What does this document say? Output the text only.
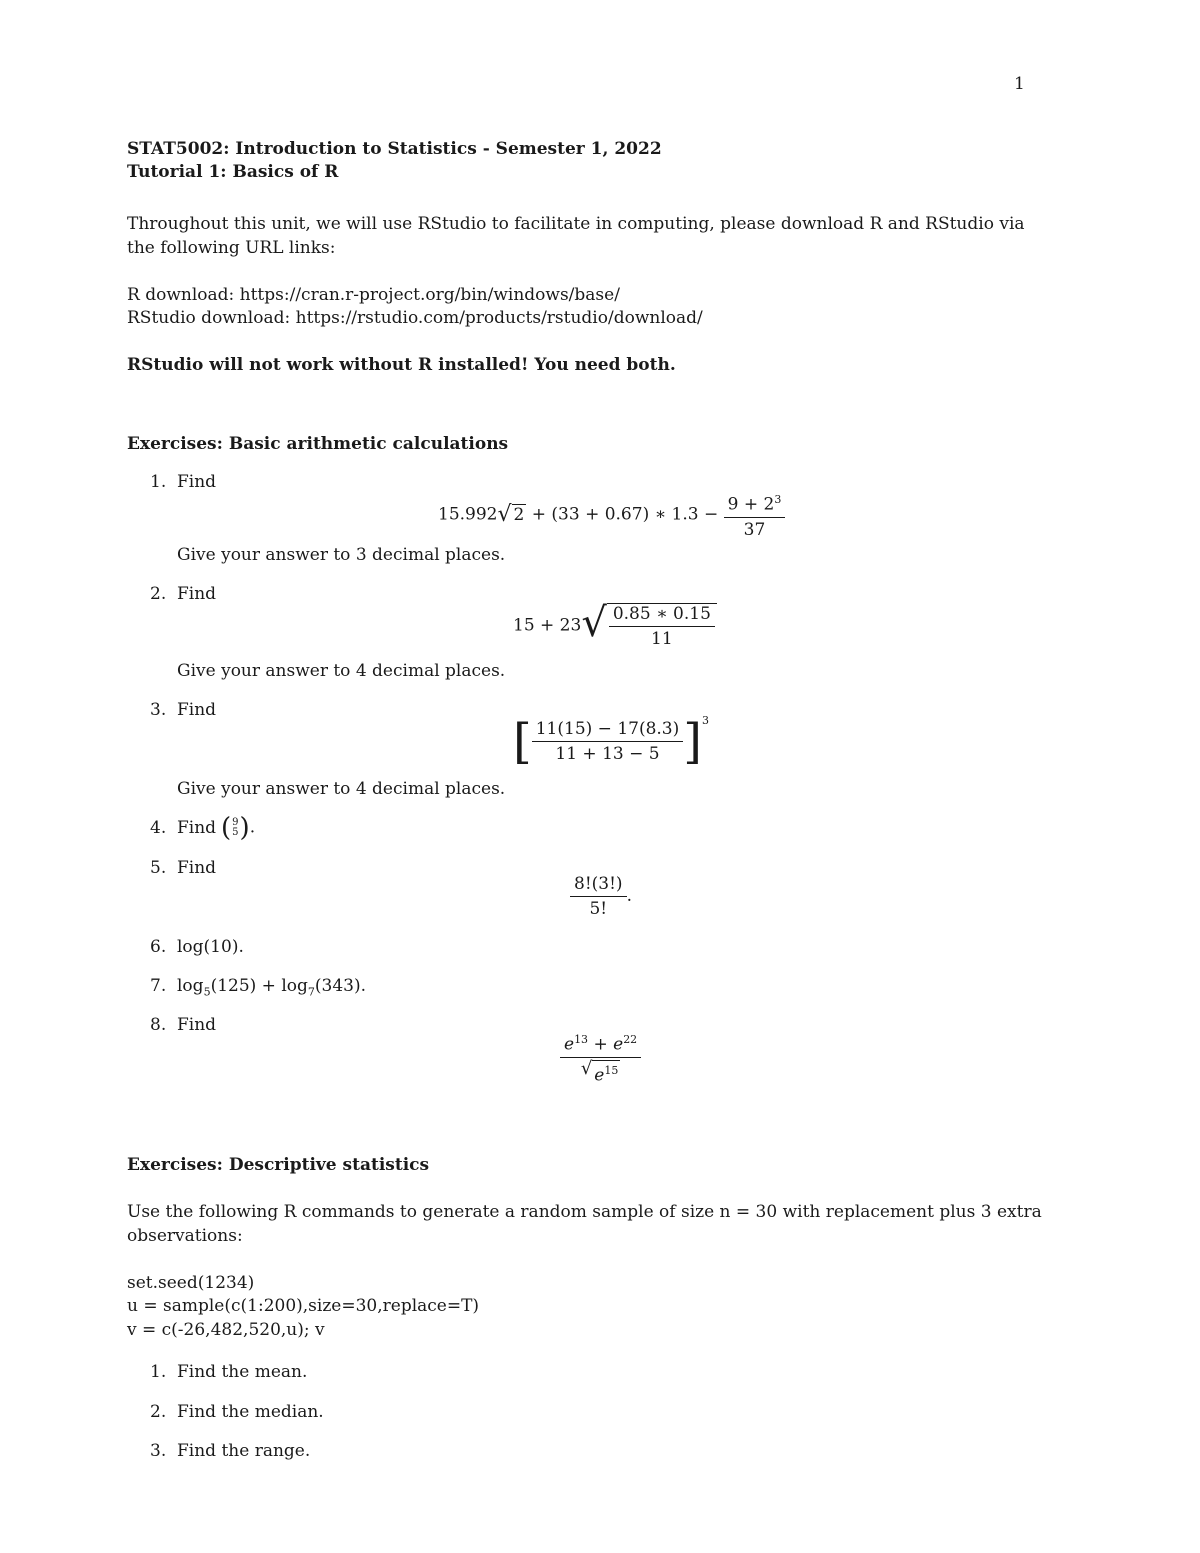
1
STAT5002: Introduction to Statistics - Semester 1, 2022
Tutorial 1: Basics of R
Throughout this unit, we will use RStudio to facilitate in computing, please download R and RStudio via
the following URL links:
R download: https://cran.r-project.org/bin/windows/base/
RStudio download: https://rstudio.com/products/rstudio/download/
RStudio will not work without R installed! You need both.
Exercises: Basic arithmetic calculations
1. Find
15.992 √ 2 + (33 + 0.67) ∗ $1.3 - \frac{9 + 2^3}{37}$
Give your answer to 3 decimal places.
2. Find
15 + 23 √ $\frac{0.85 ∗ 0.15}{11}$
Give your answer to 4 decimal places.
3. Find
[ $\frac{11(15) - 17(8.3)}{11 + 13 - 5} ]^3$
Give your answer to 4 decimal places.
4. Find ( 9
5 ) .
5. Find
$\frac{8!(3!)}{5!}$ .
6. log(10).
7. $\log_5(125) + \log_7(343)$.
8. Find
$\frac{e^{13} + e^{22}}{√ e^{15}}$
Exercises: Descriptive statistics
Use the following R commands to generate a random sample of size n = 30 with replacement plus 3 extra
observations:
set.seed(1234)
u = sample(c(1:200),size=30,replace=T)
v = c(-26,482,520,u); v
1. Find the mean.
2. Find the median.
3. Find the range.
